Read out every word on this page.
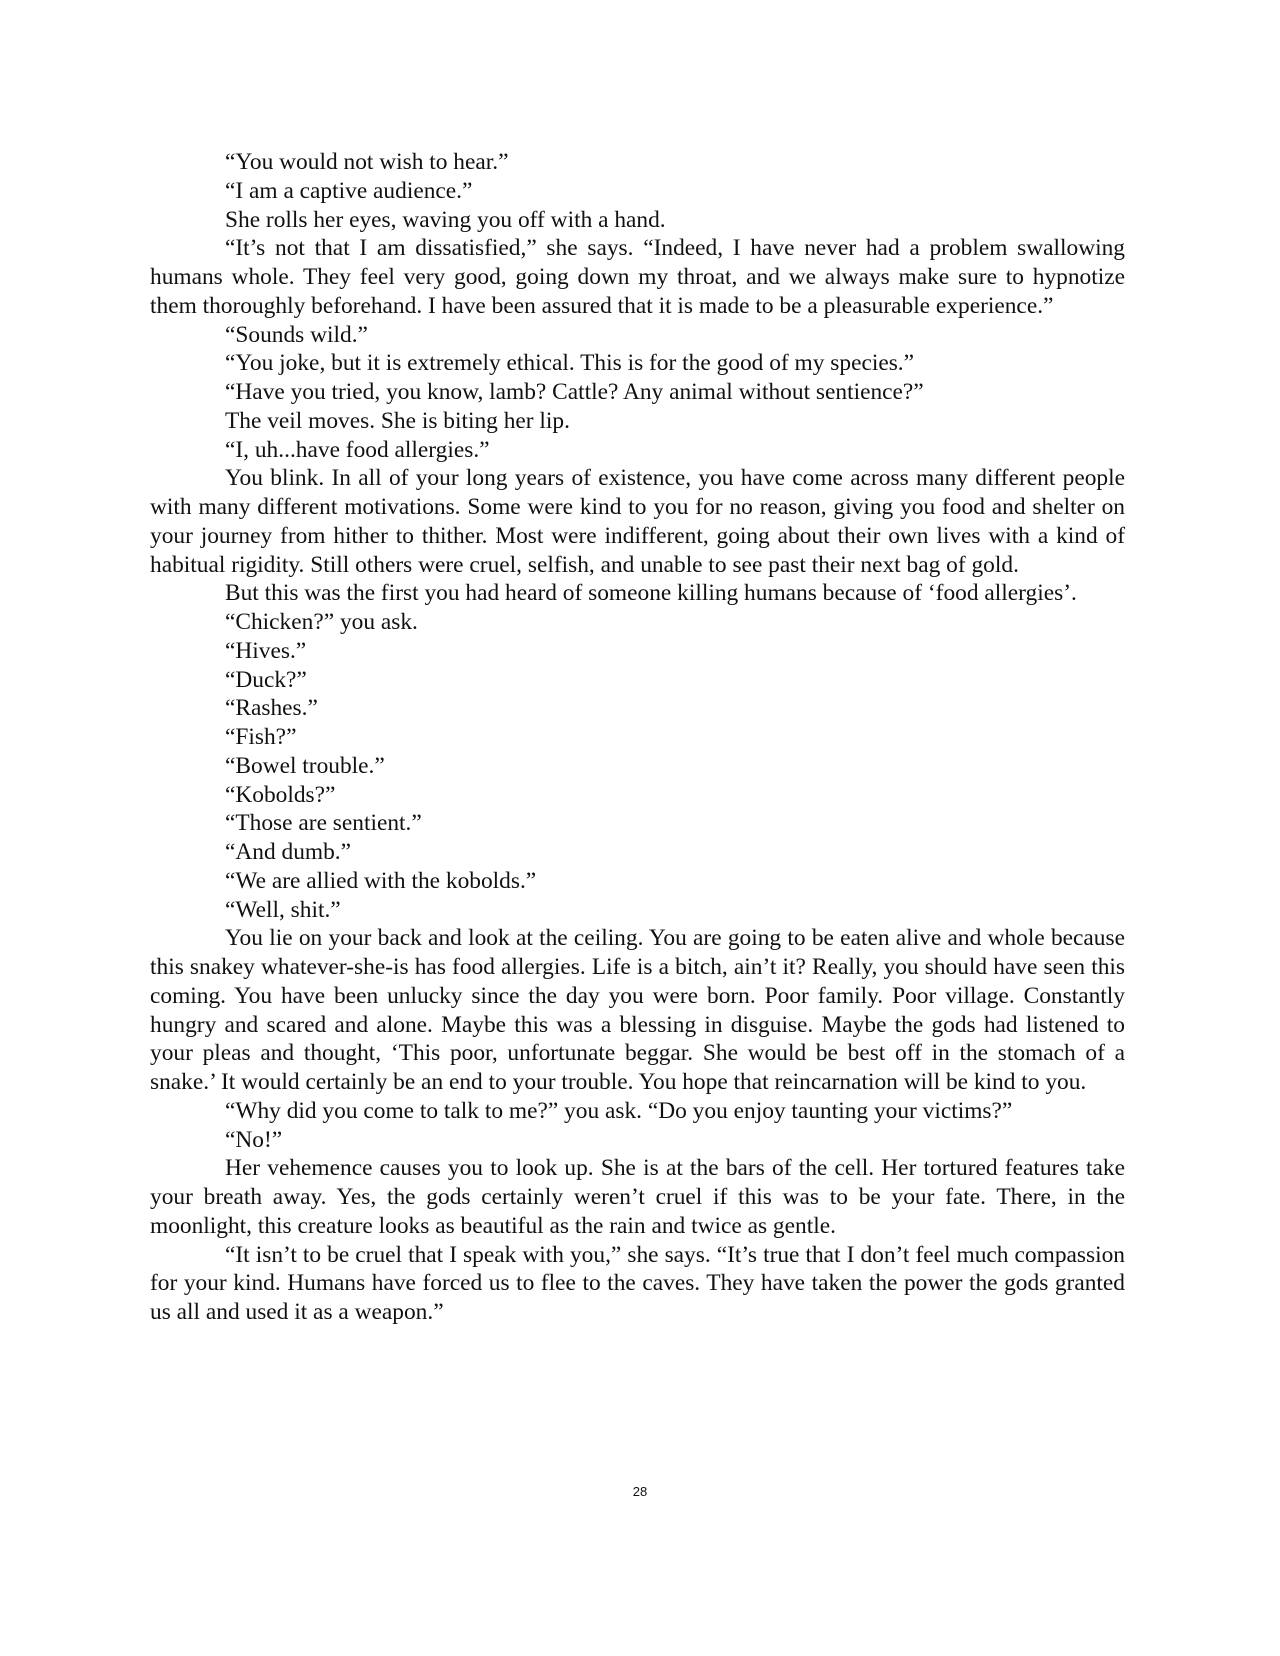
“You would not wish to hear.”

“I am a captive audience.”

She rolls her eyes, waving you off with a hand.

“It’s not that I am dissatisfied,” she says. “Indeed, I have never had a problem swallowing humans whole. They feel very good, going down my throat, and we always make sure to hypnotize them thoroughly beforehand. I have been assured that it is made to be a pleasurable experience.”

“Sounds wild.”

“You joke, but it is extremely ethical. This is for the good of my species.”

“Have you tried, you know, lamb? Cattle? Any animal without sentience?”

The veil moves. She is biting her lip.

“I, uh...have food allergies.”

You blink. In all of your long years of existence, you have come across many different people with many different motivations. Some were kind to you for no reason, giving you food and shelter on your journey from hither to thither. Most were indifferent, going about their own lives with a kind of habitual rigidity. Still others were cruel, selfish, and unable to see past their next bag of gold.

But this was the first you had heard of someone killing humans because of ‘food allergies’.

“Chicken?” you ask.

“Hives.”

“Duck?”

“Rashes.”

“Fish?”

“Bowel trouble.”

“Kobolds?”

“Those are sentient.”

“And dumb.”

“We are allied with the kobolds.”

“Well, shit.”

You lie on your back and look at the ceiling. You are going to be eaten alive and whole because this snakey whatever-she-is has food allergies. Life is a bitch, ain’t it? Really, you should have seen this coming. You have been unlucky since the day you were born. Poor family. Poor village. Constantly hungry and scared and alone. Maybe this was a blessing in disguise. Maybe the gods had listened to your pleas and thought, ‘This poor, unfortunate beggar. She would be best off in the stomach of a snake.’ It would certainly be an end to your trouble. You hope that reincarnation will be kind to you.

“Why did you come to talk to me?” you ask. “Do you enjoy taunting your victims?”

“No!”

Her vehemence causes you to look up. She is at the bars of the cell. Her tortured features take your breath away. Yes, the gods certainly weren’t cruel if this was to be your fate. There, in the moonlight, this creature looks as beautiful as the rain and twice as gentle.

“It isn’t to be cruel that I speak with you,” she says. “It’s true that I don’t feel much compassion for your kind. Humans have forced us to flee to the caves. They have taken the power the gods granted us all and used it as a weapon.”

28
